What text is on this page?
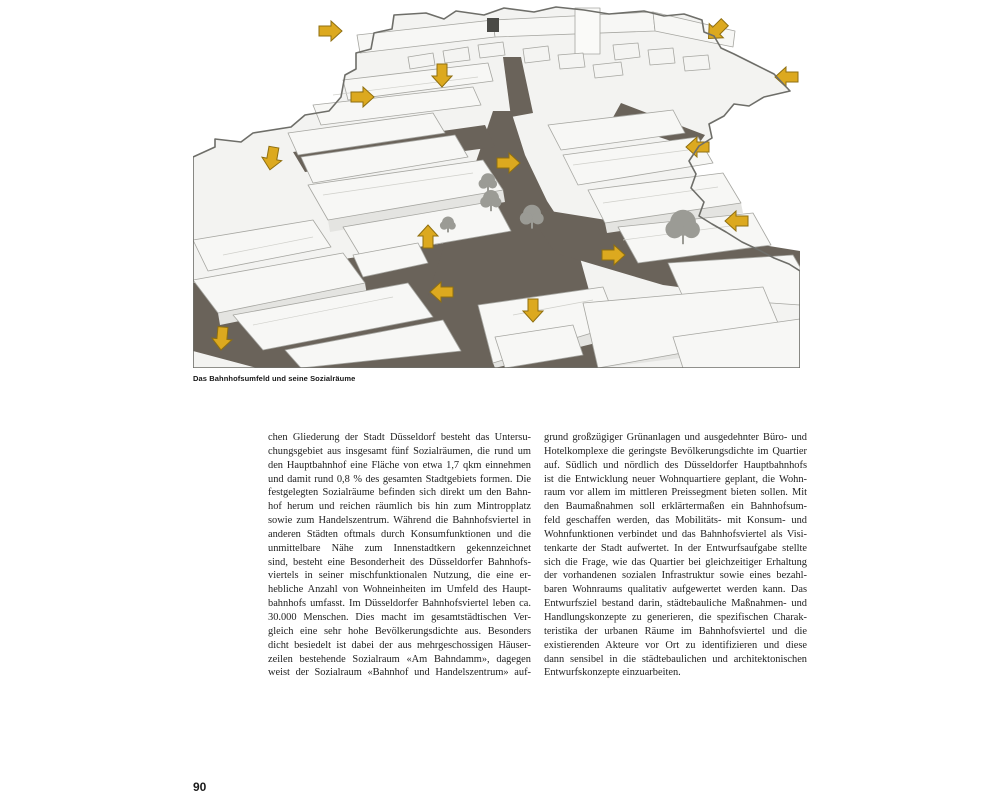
Das Bahnhofsumfeld und seine Sozialräume
chen Gliederung der Stadt Düsseldorf besteht das Untersu-
chungsgebiet aus insgesamt fünf Sozialräumen, die rund um
den Hauptbahnhof eine Fläche von etwa 1,7 qkm einnehmen
und damit rund 0,8 % des gesamten Stadtgebiets formen. Die
festgelegten Sozialräume befinden sich direkt um den Bahn-
hof herum und reichen räumlich bis hin zum Mintropplatz
sowie zum Handelszentrum. Während die Bahnhofsviertel in
anderen Städten oftmals durch Konsumfunktionen und die
unmittelbare Nähe zum Innenstadtkern gekennzeichnet
sind, besteht eine Besonderheit des Düsseldorfer Bahnhofs-
viertels in seiner mischfunktionalen Nutzung, die eine er-
hebliche Anzahl von Wohneinheiten im Umfeld des Haupt-
bahnhofs umfasst. Im Düsseldorfer Bahnhofsviertel leben ca.
30.000 Menschen. Dies macht im gesamtstädtischen Ver-
gleich eine sehr hohe Bevölkerungsdichte aus. Besonders
dicht besiedelt ist dabei der aus mehrgeschossigen Häuser-
zeilen bestehende Sozialraum «Am Bahndamm», dagegen
weist der Sozialraum «Bahnhof und Handelszentrum» auf-
grund großzügiger Grünanlagen und ausgedehnter Büro- und
Hotelkomplexe die geringste Bevölkerungsdichte im Quartier
auf. Südlich und nördlich des Düsseldorfer Hauptbahnhofs
ist die Entwicklung neuer Wohnquartiere geplant, die Wohn-
raum vor allem im mittleren Preissegment bieten sollen. Mit
den Baumaßnahmen soll erklärtermaßen ein Bahnhofsum-
feld geschaffen werden, das Mobilitäts- mit Konsum- und
Wohnfunktionen verbindet und das Bahnhofsviertel als Visi-
tenkarte der Stadt aufwertet. In der Entwurfsaufgabe stellte
sich die Frage, wie das Quartier bei gleichzeitiger Erhaltung
der vorhandenen sozialen Infrastruktur sowie eines bezahl-
baren Wohnraums qualitativ aufgewertet werden kann. Das
Entwurfsziel bestand darin, städtebauliche Maßnahmen- und
Handlungskonzepte zu generieren, die spezifischen Charak-
teristika der urbanen Räume im Bahnhofsviertel und die
existierenden Akteure vor Ort zu identifizieren und diese
dann sensibel in die städtebaulichen und architektonischen
Entwurfskonzepte einzuarbeiten.
90
